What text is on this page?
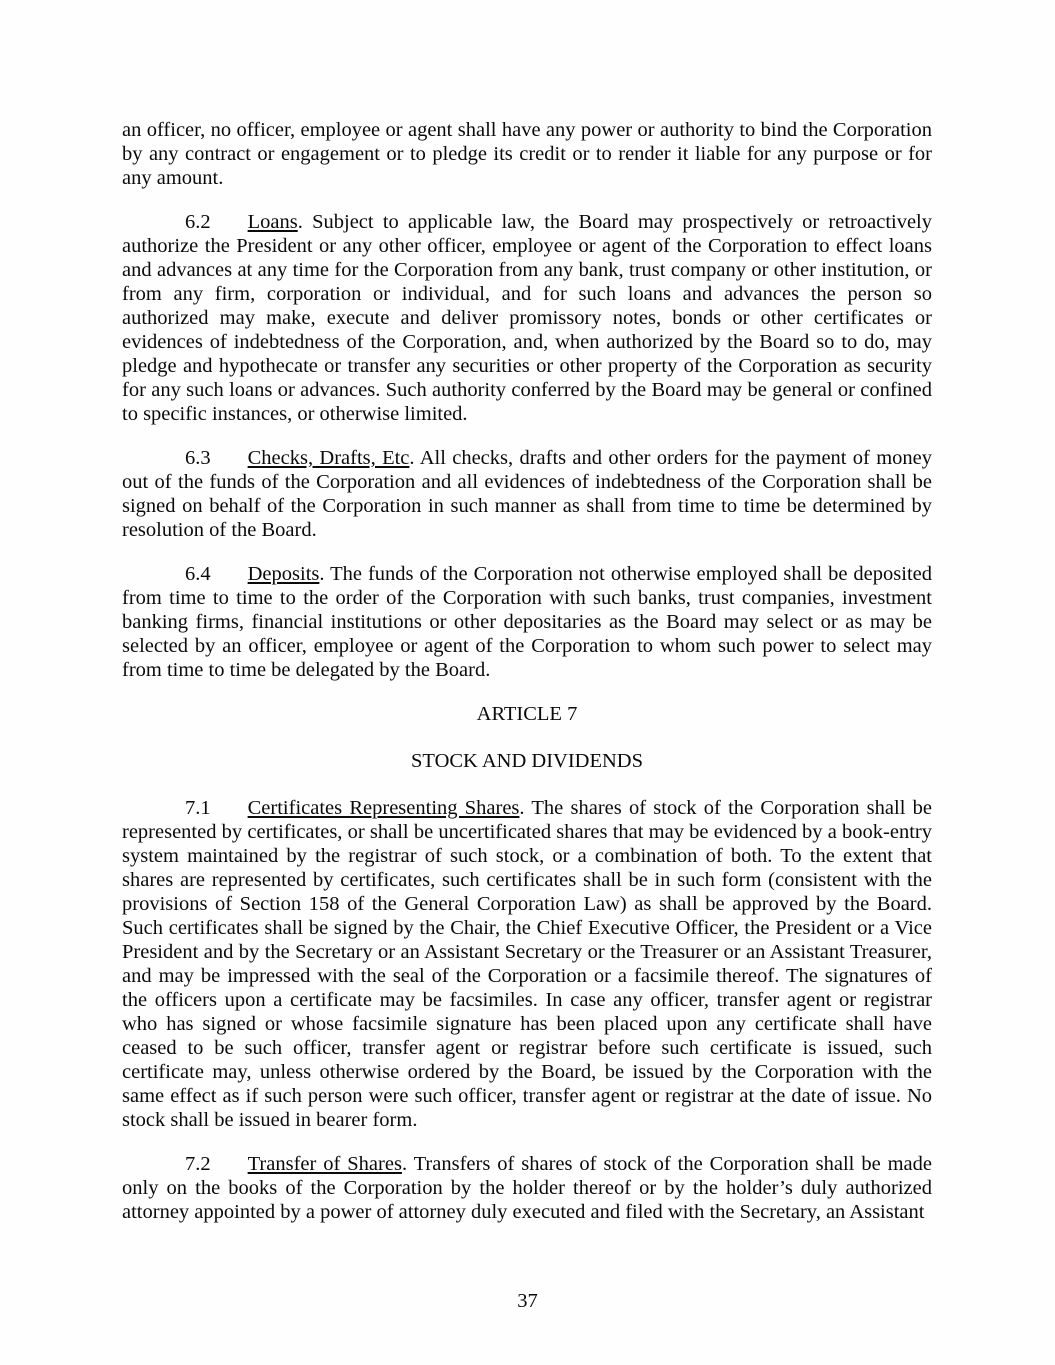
an officer, no officer, employee or agent shall have any power or authority to bind the Corporation by any contract or engagement or to pledge its credit or to render it liable for any purpose or for any amount.

6.2 Loans. Subject to applicable law, the Board may prospectively or retroactively authorize the President or any other officer, employee or agent of the Corporation to effect loans and advances at any time for the Corporation from any bank, trust company or other institution, or from any firm, corporation or individual, and for such loans and advances the person so authorized may make, execute and deliver promissory notes, bonds or other certificates or evidences of indebtedness of the Corporation, and, when authorized by the Board so to do, may pledge and hypothecate or transfer any securities or other property of the Corporation as security for any such loans or advances. Such authority conferred by the Board may be general or confined to specific instances, or otherwise limited.

6.3 Checks, Drafts, Etc. All checks, drafts and other orders for the payment of money out of the funds of the Corporation and all evidences of indebtedness of the Corporation shall be signed on behalf of the Corporation in such manner as shall from time to time be determined by resolution of the Board.

6.4 Deposits. The funds of the Corporation not otherwise employed shall be deposited from time to time to the order of the Corporation with such banks, trust companies, investment banking firms, financial institutions or other depositaries as the Board may select or as may be selected by an officer, employee or agent of the Corporation to whom such power to select may from time to time be delegated by the Board.

ARTICLE 7

STOCK AND DIVIDENDS

7.1 Certificates Representing Shares. The shares of stock of the Corporation shall be represented by certificates, or shall be uncertificated shares that may be evidenced by a book-entry system maintained by the registrar of such stock, or a combination of both. To the extent that shares are represented by certificates, such certificates shall be in such form (consistent with the provisions of Section 158 of the General Corporation Law) as shall be approved by the Board. Such certificates shall be signed by the Chair, the Chief Executive Officer, the President or a Vice President and by the Secretary or an Assistant Secretary or the Treasurer or an Assistant Treasurer, and may be impressed with the seal of the Corporation or a facsimile thereof. The signatures of the officers upon a certificate may be facsimiles. In case any officer, transfer agent or registrar who has signed or whose facsimile signature has been placed upon any certificate shall have ceased to be such officer, transfer agent or registrar before such certificate is issued, such certificate may, unless otherwise ordered by the Board, be issued by the Corporation with the same effect as if such person were such officer, transfer agent or registrar at the date of issue. No stock shall be issued in bearer form.

7.2 Transfer of Shares. Transfers of shares of stock of the Corporation shall be made only on the books of the Corporation by the holder thereof or by the holder’s duly authorized attorney appointed by a power of attorney duly executed and filed with the Secretary, an Assistant

37
